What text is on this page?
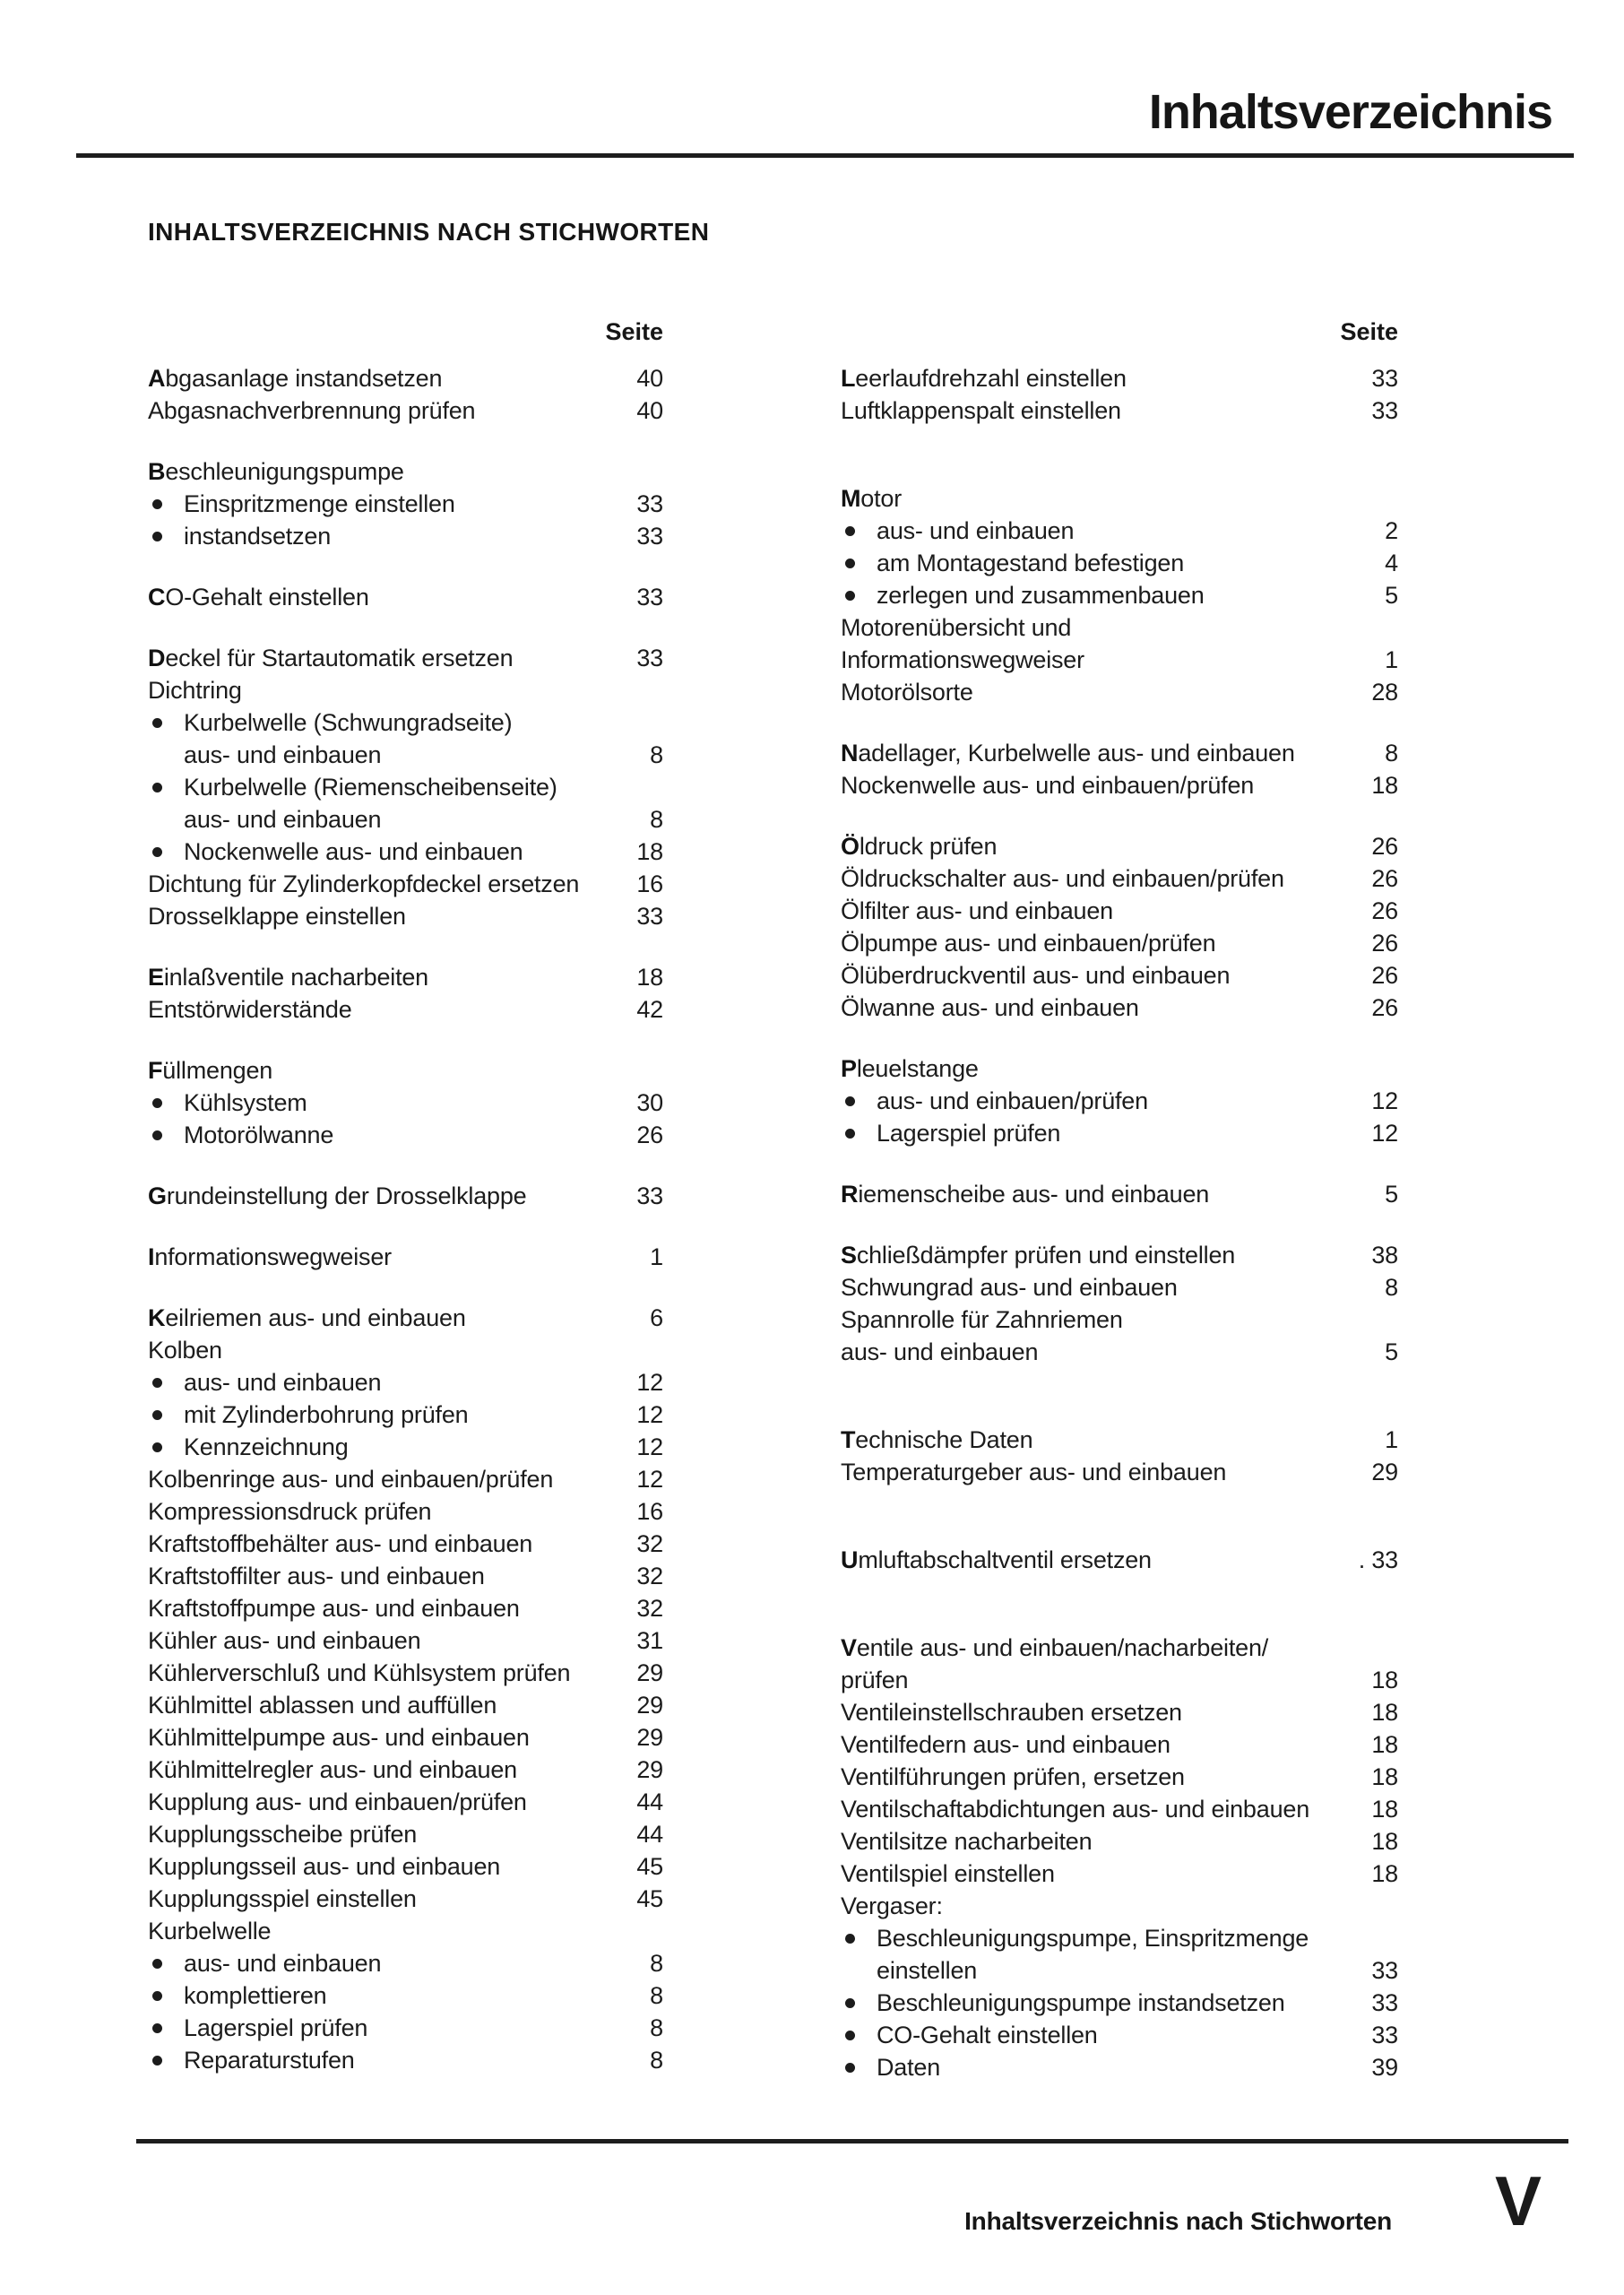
Inhaltsverzeichnis
INHALTSVERZEICHNIS NACH STICHWORTEN
Seite
Abgasanlage instandsetzen	40
Abgasnachverbrennung prüfen	40
Beschleunigungspumpe
Einspritzmenge einstellen	33
instandsetzen	33
CO-Gehalt einstellen	33
Deckel für Startautomatik ersetzen	33
Dichtring
Kurbelwelle (Schwungradseite)
aus- und einbauen	8
Kurbelwelle (Riemenscheibenseite)
aus- und einbauen	8
Nockenwelle aus- und einbauen	18
Dichtung für Zylinderkopfdeckel ersetzen	16
Drosselklappe einstellen	33
Einlaßventile nacharbeiten	18
Entstörwiderstände	42
Füllmengen
Kühlsystem	30
Motorölwanne	26
Grundeinstellung der Drosselklappe	33
Informationswegweiser	1
Keilriemen aus- und einbauen	6
Kolben
aus- und einbauen	12
mit Zylinderbohrung prüfen	12
Kennzeichnung	12
Kolbenringe aus- und einbauen/prüfen	12
Kompressionsdruck prüfen	16
Kraftstoffbehälter aus- und einbauen	32
Kraftstoffilter aus- und einbauen	32
Kraftstoffpumpe aus- und einbauen	32
Kühler aus- und einbauen	31
Kühlerverschluß und Kühlsystem prüfen	29
Kühlmittel ablassen und auffüllen	29
Kühlmittelpumpe aus- und einbauen	29
Kühlmittelregler aus- und einbauen	29
Kupplung aus- und einbauen/prüfen	44
Kupplungsscheibe prüfen	44
Kupplungsseil aus- und einbauen	45
Kupplungsspiel einstellen	45
Kurbelwelle
aus- und einbauen	8
komplettieren	8
Lagerspiel prüfen	8
Reparaturstufen	8
Seite
Leerlaufdrehzahl einstellen	33
Luftklappenspalt einstellen	33
Motor
aus- und einbauen	2
am Montagestand befestigen	4
zerlegen und zusammenbauen	5
Motorenübersicht und
Informationswegweiser	1
Motorölsorte	28
Nadellager, Kurbelwelle aus- und einbauen	8
Nockenwelle aus- und einbauen/prüfen	18
Öldruck prüfen	26
Öldruckschalter aus- und einbauen/prüfen	26
Ölfilter aus- und einbauen	26
Ölpumpe aus- und einbauen/prüfen	26
Ölüberdruckventil aus- und einbauen	26
Ölwanne aus- und einbauen	26
Pleuelstange
aus- und einbauen/prüfen	12
Lagerspiel prüfen	12
Riemenscheibe aus- und einbauen	5
Schließdämpfer prüfen und einstellen	38
Schwungrad aus- und einbauen	8
Spannrolle für Zahnriemen
aus- und einbauen	5
Technische Daten	1
Temperaturgeber aus- und einbauen	29
Umluftabschaltventil ersetzen	. 33
Ventile aus- und einbauen/nacharbeiten/
prüfen	18
Ventileinstellschrauben ersetzen	18
Ventilfedern aus- und einbauen	18
Ventilführungen prüfen, ersetzen	18
Ventilschaftabdichtungen aus- und einbauen	18
Ventilsitze nacharbeiten	18
Ventilspiel einstellen	18
Vergaser:
Beschleunigungspumpe, Einspritzmenge
einstellen	33
Beschleunigungspumpe instandsetzen	33
CO-Gehalt einstellen	33
Daten	39
Inhaltsverzeichnis nach Stichworten V
